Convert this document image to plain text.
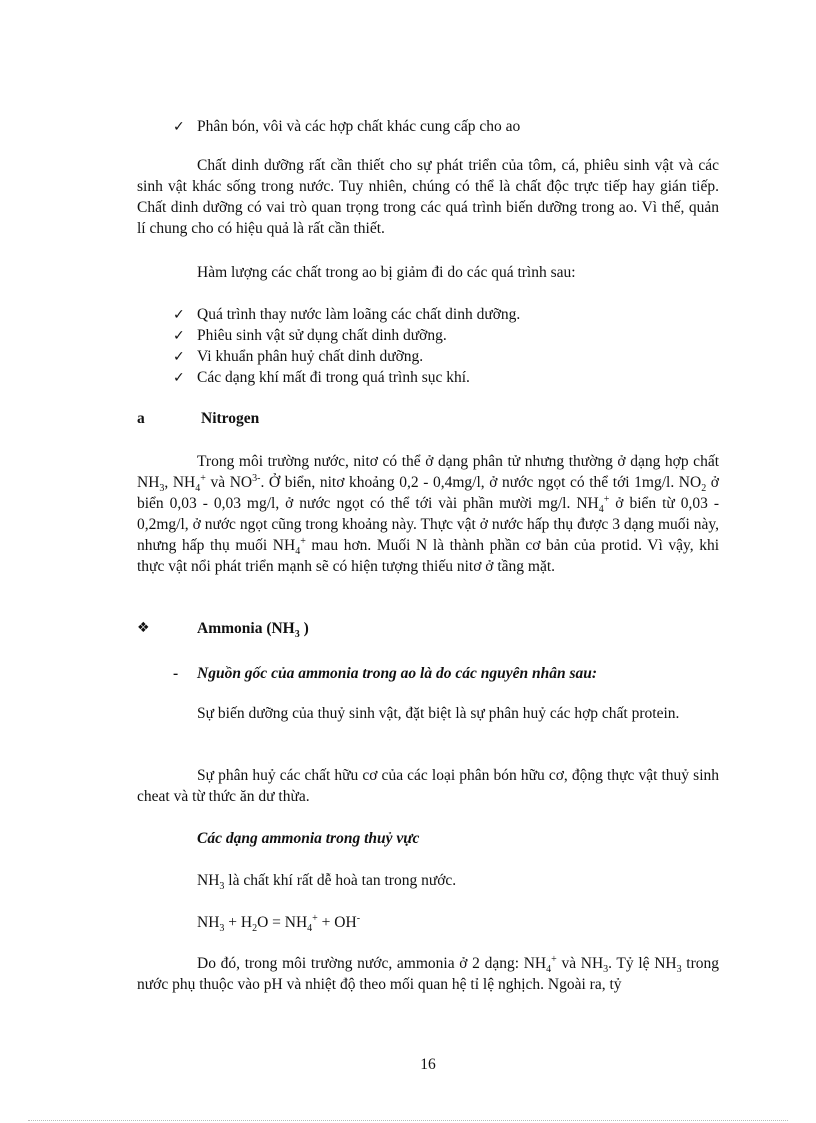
✓ Phân bón, vôi và các hợp chất khác cung cấp cho ao

Chất dinh dưỡng rất cần thiết cho sự phát triển của tôm, cá, phiêu sinh vật và các sinh vật khác sống trong nước. Tuy nhiên, chúng có thể là chất độc trực tiếp hay gián tiếp. Chất dinh dưỡng có vai trò quan trọng trong các quá trình biến dưỡng trong ao. Vì thế, quản lí chung cho có hiệu quả là rất cần thiết.

Hàm lượng các chất trong ao bị giảm đi do các quá trình sau:
✓ Quá trình thay nước làm loãng các chất dinh dưỡng.
✓ Phiêu sinh vật sử dụng chất dinh dưỡng.
✓ Vi khuẩn phân huỷ chất dinh dưỡng.
✓ Các dạng khí mất đi trong quá trình sục khí.
a	Nitrogen

Trong môi trường nước, nitơ có thể ở dạng phân tử nhưng thường ở dạng hợp chất $NH_3$, $NH_4^+$ và $NO^{3-}$. Ở biển, nitơ khoảng 0,2 - 0,4mg/l, ở nước ngọt có thể tới 1mg/l. $NO_2$ ở biển 0,03 - 0,03 mg/l, ở nước ngọt có thể tới vài phần mười mg/l. $NH_4^+$ ở biển từ 0,03 - 0,2mg/l, ở nước ngọt cũng trong khoảng này. Thực vật ở nước hấp thụ được 3 dạng muối này, nhưng hấp thụ muối $NH_4^+$ mau hơn. Muối N là thành phần cơ bản của protid. Vì vậy, khi thực vật nổi phát triển mạnh sẽ có hiện tượng thiếu nitơ ở tầng mặt.

❖	Ammonia ($NH_3$ )
- Nguồn gốc của ammonia trong ao là do các nguyên nhân sau:

Sự biến dưỡng của thuỷ sinh vật, đặt biệt là sự phân huỷ các hợp chất protein.

Sự phân huỷ các chất hữu cơ của các loại phân bón hữu cơ, động thực vật thuỷ sinh cheat và từ thức ăn dư thừa.

Các dạng ammonia trong thuỷ vực
$NH_3$ là chất khí rất dễ hoà tan trong nước.
$NH_3 + H_2O = NH_4^+ + OH^-$

Do đó, trong môi trường nước, ammonia ở 2 dạng: $NH_4^+$ và $NH_3$. Tỷ lệ $NH_3$ trong nước phụ thuộc vào pH và nhiệt độ theo mối quan hệ tỉ lệ nghịch. Ngoài ra, tỷ

16
